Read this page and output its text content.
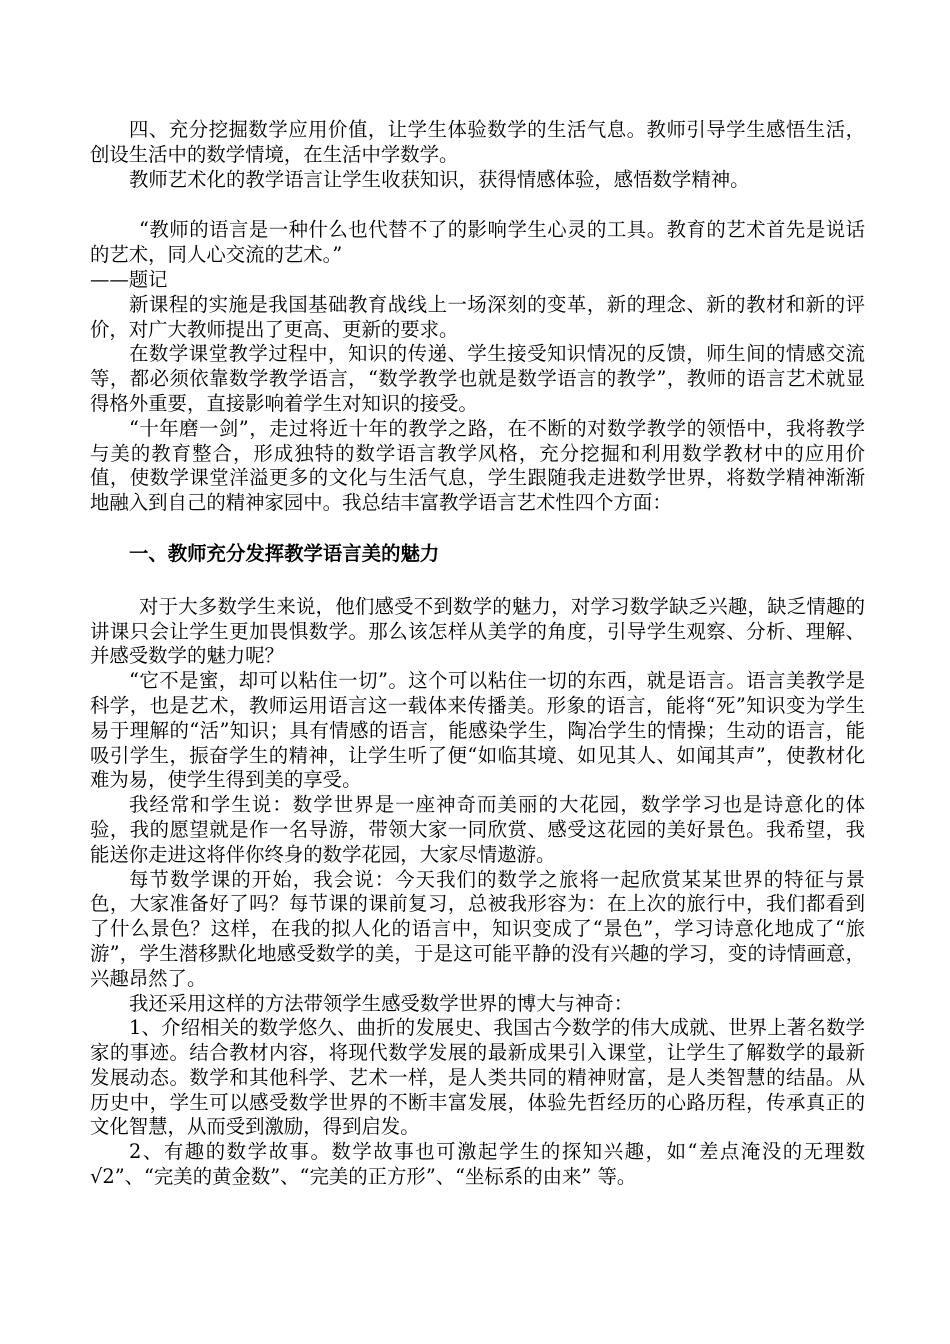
四、充分挖掘数学应用价值，让学生体验数学的生活气息。教师引导学生感悟生活，创设生活中的数学情境，在生活中学数学。

教师艺术化的教学语言让学生收获知识，获得情感体验，感悟数学精神。

“教师的语言是一种什么也代替不了的影响学生心灵的工具。教育的艺术首先是说话的艺术，同人心交流的艺术。”

——题记

新课程的实施是我国基础教育战线上一场深刻的变革，新的理念、新的教材和新的评价，对广大教师提出了更高、更新的要求。

在数学课堂教学过程中，知识的传递、学生接受知识情况的反馈，师生间的情感交流等，都必须依靠数学教学语言，“数学教学也就是数学语言的教学”，教师的语言艺术就显得格外重要，直接影响着学生对知识的接受。

“十年磨一剑”，走过将近十年的教学之路，在不断的对数学教学的领悟中，我将教学与美的教育整合，形成独特的数学语言教学风格，充分挖掘和利用数学教材中的应用价值，使数学课堂洋溢更多的文化与生活气息，学生跟随我走进数学世界，将数学精神渐渐地融入到自己的精神家园中。我总结丰富教学语言艺术性四个方面：

一、教师充分发挥教学语言美的魅力

对于大多数学生来说，他们感受不到数学的魅力，对学习数学缺乏兴趣，缺乏情趣的讲课只会让学生更加畏惧数学。那么该怎样从美学的角度，引导学生观察、分析、理解、并感受数学的魅力呢？

“它不是蜜，却可以粘住一切”。这个可以粘住一切的东西，就是语言。语言美教学是科学，也是艺术，教师运用语言这一载体来传播美。形象的语言，能将“死”知识变为学生易于理解的“活”知识；具有情感的语言，能感染学生，陶冶学生的情操；生动的语言，能吸引学生，振奋学生的精神，让学生听了便“如临其境、如见其人、如闻其声”，使教材化难为易，使学生得到美的享受。

我经常和学生说：数学世界是一座神奇而美丽的大花园，数学学习也是诗意化的体验，我的愿望就是作一名导游，带领大家一同欣赏、感受这花园的美好景色。我希望，我能送你走进这将伴你终身的数学花园，大家尽情遨游。

每节数学课的开始，我会说：今天我们的数学之旅将一起欣赏某某世界的特征与景色，大家准备好了吗？每节课的课前复习，总被我形容为：在上次的旅行中，我们都看到了什么景色？这样，在我的拟人化的语言中，知识变成了“景色”，学习诗意化地成了“旅游”，学生潜移默化地感受数学的美，于是这可能平静的没有兴趣的学习，变的诗情画意，兴趣昂然了。

我还采用这样的方法带领学生感受数学世界的博大与神奇：

1、介绍相关的数学悠久、曲折的发展史、我国古今数学的伟大成就、世界上著名数学家的事迹。结合教材内容，将现代数学发展的最新成果引入课堂，让学生了解数学的最新发展动态。数学和其他科学、艺术一样，是人类共同的精神财富，是人类智慧的结晶。从历史中，学生可以感受数学世界的不断丰富发展，体验先哲经历的心路历程，传承真正的文化智慧，从而受到激励，得到启发。

2、有趣的数学故事。数学故事也可激起学生的探知兴趣，如“差点淹没的无理数√2”、“完美的黄金数”、“完美的正方形”、“坐标系的由来” 等。
